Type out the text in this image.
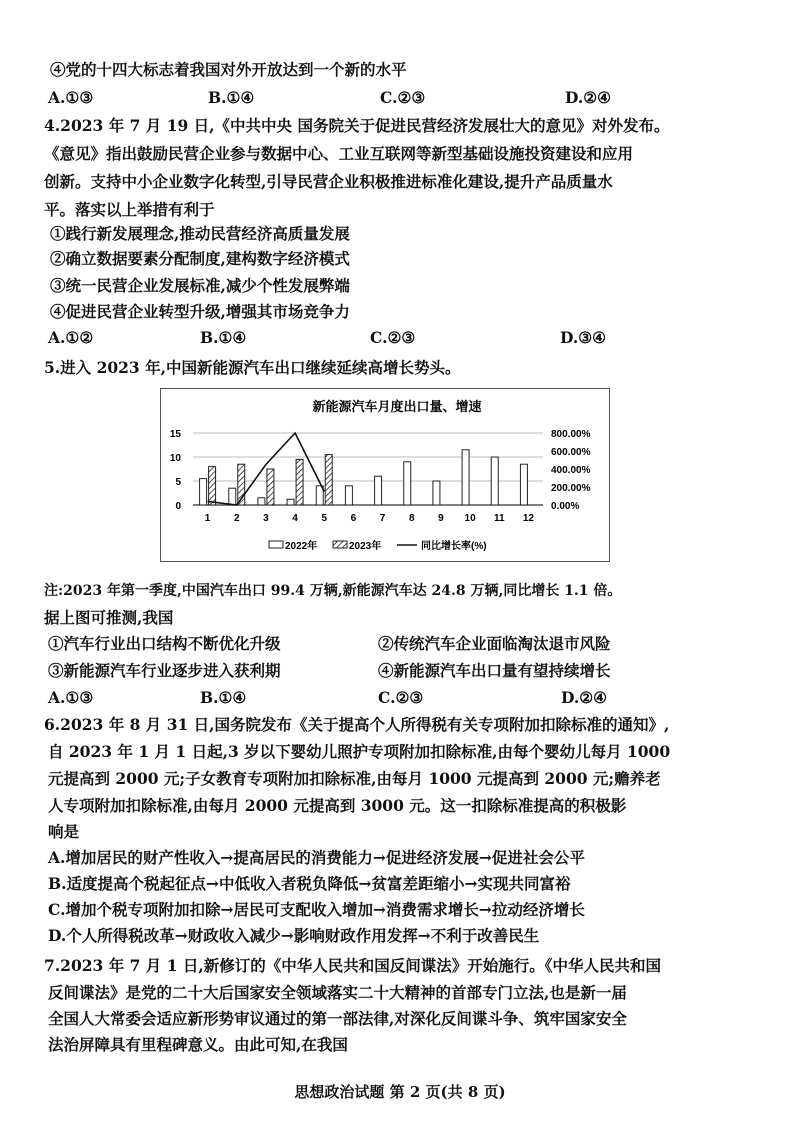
④党的十四大标志着我国对外开放达到一个新的水平
A.①③	B.①④	C.②③	D.②④
4.2023 年 7 月 19 日,《中共中央 国务院关于促进民营经济发展壮大的意见》对外发布。
《意见》指出鼓励民营企业参与数据中心、工业互联网等新型基础设施投资建设和应用
创新。支持中小企业数字化转型,引导民营企业积极推进标准化建设,提升产品质量水
平。落实以上举措有利于
①践行新发展理念,推动民营经济高质量发展
②确立数据要素分配制度,建构数字经济模式
③统一民营企业发展标准,减少个性发展弊端
④促进民营企业转型升级,增强其市场竞争力
A.①②	B.①④	C.②③	D.③④
5.进入 2023 年,中国新能源汽车出口继续延续高增长势头。
新能源汽车月度出口量、增速
0
5
10
15
0.00%
200.00%
400.00%
600.00%
800.00%
1 2 3 4 5 6 7 8 9 10 11 12
2022年	2023年	同比增长率(%)
注:2023 年第一季度,中国汽车出口 99.4 万辆,新能源汽车达 24.8 万辆,同比增长 1.1 倍。
据上图可推测,我国
①汽车行业出口结构不断优化升级	②传统汽车企业面临淘汰退市风险
③新能源汽车行业逐步进入获利期	④新能源汽车出口量有望持续增长
A.①③	B.①④	C.②③	D.②④
6.2023 年 8 月 31 日,国务院发布《关于提高个人所得税有关专项附加扣除标准的通知》,
自 2023 年 1 月 1 日起,3 岁以下婴幼儿照护专项附加扣除标准,由每个婴幼儿每月 1000
元提高到 2000 元;子女教育专项附加扣除标准,由每月 1000 元提高到 2000 元;赡养老
人专项附加扣除标准,由每月 2000 元提高到 3000 元。这一扣除标准提高的积极影
响是
A.增加居民的财产性收入→提高居民的消费能力→促进经济发展→促进社会公平
B.适度提高个税起征点→中低收入者税负降低→贫富差距缩小→实现共同富裕
C.增加个税专项附加扣除→居民可支配收入增加→消费需求增长→拉动经济增长
D.个人所得税改革→财政收入减少→影响财政作用发挥→不利于改善民生
7.2023 年 7 月 1 日,新修订的《中华人民共和国反间谍法》开始施行。《中华人民共和国
反间谍法》是党的二十大后国家安全领域落实二十大精神的首部专门立法,也是新一届
全国人大常委会适应新形势审议通过的第一部法律,对深化反间谍斗争、筑牢国家安全
法治屏障具有里程碑意义。由此可知,在我国
思想政治试题 第 2 页(共 8 页)
